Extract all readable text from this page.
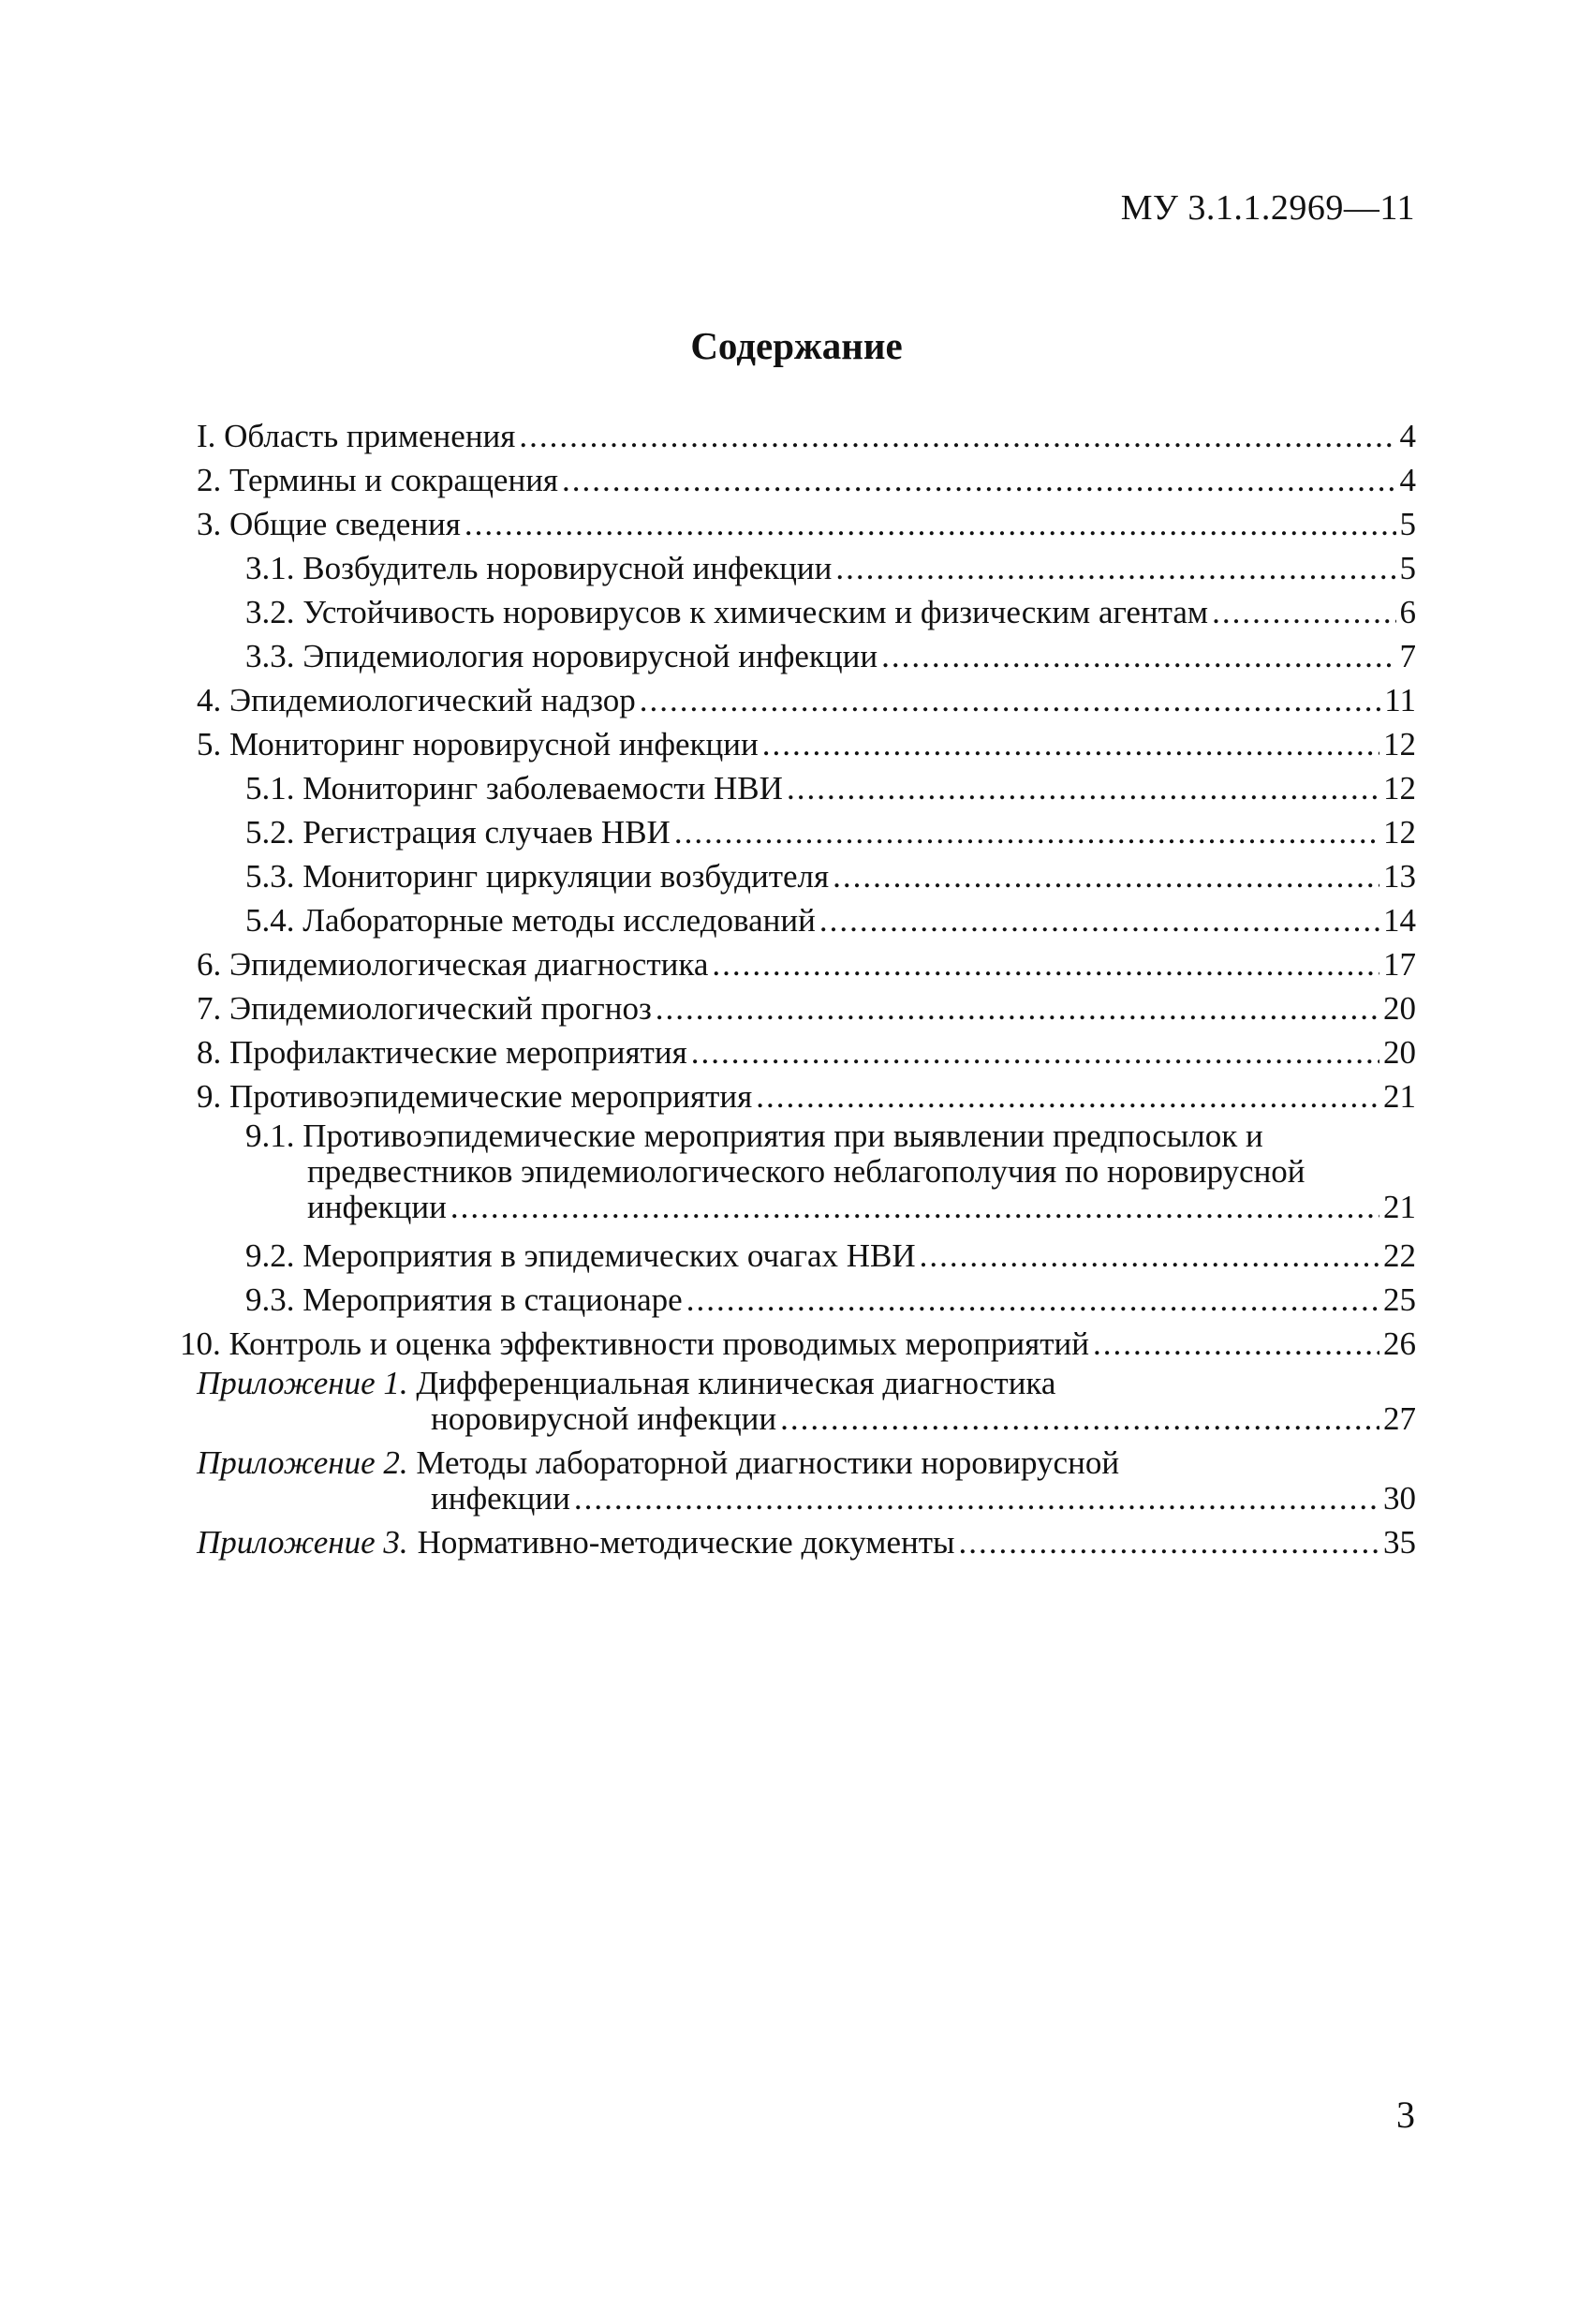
МУ 3.1.1.2969—11
Содержание
I. Область применения .....	4
2. Термины и сокращения .....	4
3. Общие сведения .....	5
3.1. Возбудитель норовирусной инфекции .....	5
3.2. Устойчивость норовирусов к химическим и физическим агентам .....	6
3.3. Эпидемиология норовирусной инфекции .....	7
4. Эпидемиологический надзор .....	11
5. Мониторинг норовирусной инфекции .....	12
5.1. Мониторинг заболеваемости НВИ .....	12
5.2. Регистрация случаев НВИ .....	12
5.3. Мониторинг циркуляции возбудителя .....	13
5.4. Лабораторные методы исследований .....	14
6. Эпидемиологическая диагностика .....	17
7. Эпидемиологический прогноз .....	20
8. Профилактические мероприятия .....	20
9. Противоэпидемические мероприятия .....	21
9.1. Противоэпидемические мероприятия при выявлении предпосылок и
предвестников эпидемиологического неблагополучия по норовирусной
инфекции .....	21
9.2. Мероприятия в эпидемических очагах НВИ .....	22
9.3. Мероприятия в стационаре .....	25
10. Контроль и оценка эффективности проводимых мероприятий .....	26
Приложение 1. Дифференциальная клиническая диагностика
норовирусной инфекции .....	27
Приложение 2. Методы лабораторной диагностики норовирусной
инфекции .....	30
Приложение 3. Нормативно-методические документы .....	35
3
